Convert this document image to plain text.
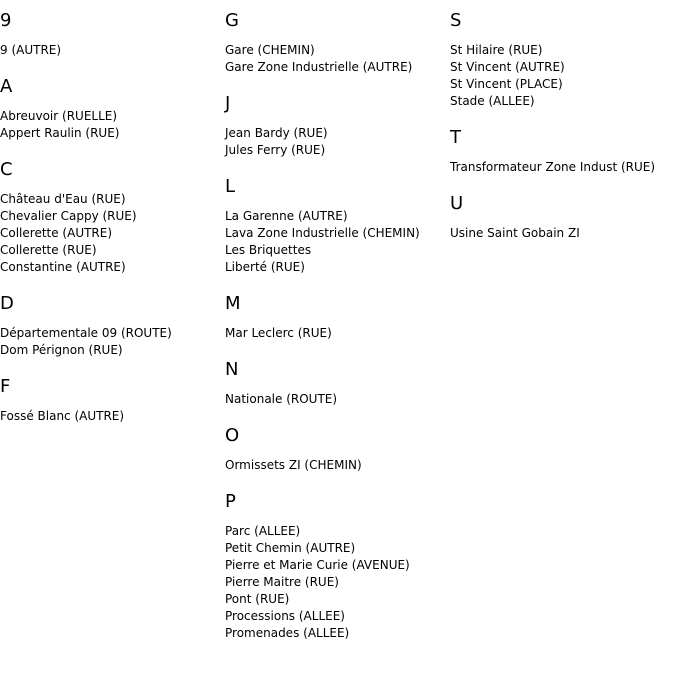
9
9 (AUTRE)
A
Abreuvoir (RUELLE)
Appert Raulin (RUE)
C
Château d'Eau (RUE)
Chevalier Cappy (RUE)
Collerette (AUTRE)
Collerette (RUE)
Constantine (AUTRE)
D
Départementale 09 (ROUTE)
Dom Pérignon (RUE)
F
Fossé Blanc (AUTRE)
G
Gare (CHEMIN)
Gare Zone Industrielle (AUTRE)
J
Jean Bardy (RUE)
Jules Ferry (RUE)
L
La Garenne (AUTRE)
Lava Zone Industrielle (CHEMIN)
Les Briquettes
Liberté (RUE)
M
Mar Leclerc (RUE)
N
Nationale (ROUTE)
O
Ormissets ZI (CHEMIN)
P
Parc (ALLEE)
Petit Chemin (AUTRE)
Pierre et Marie Curie (AVENUE)
Pierre Maitre (RUE)
Pont (RUE)
Processions (ALLEE)
Promenades (ALLEE)
S
St Hilaire (RUE)
St Vincent (AUTRE)
St Vincent (PLACE)
Stade (ALLEE)
T
Transformateur Zone Indust (RUE)
U
Usine Saint Gobain ZI
